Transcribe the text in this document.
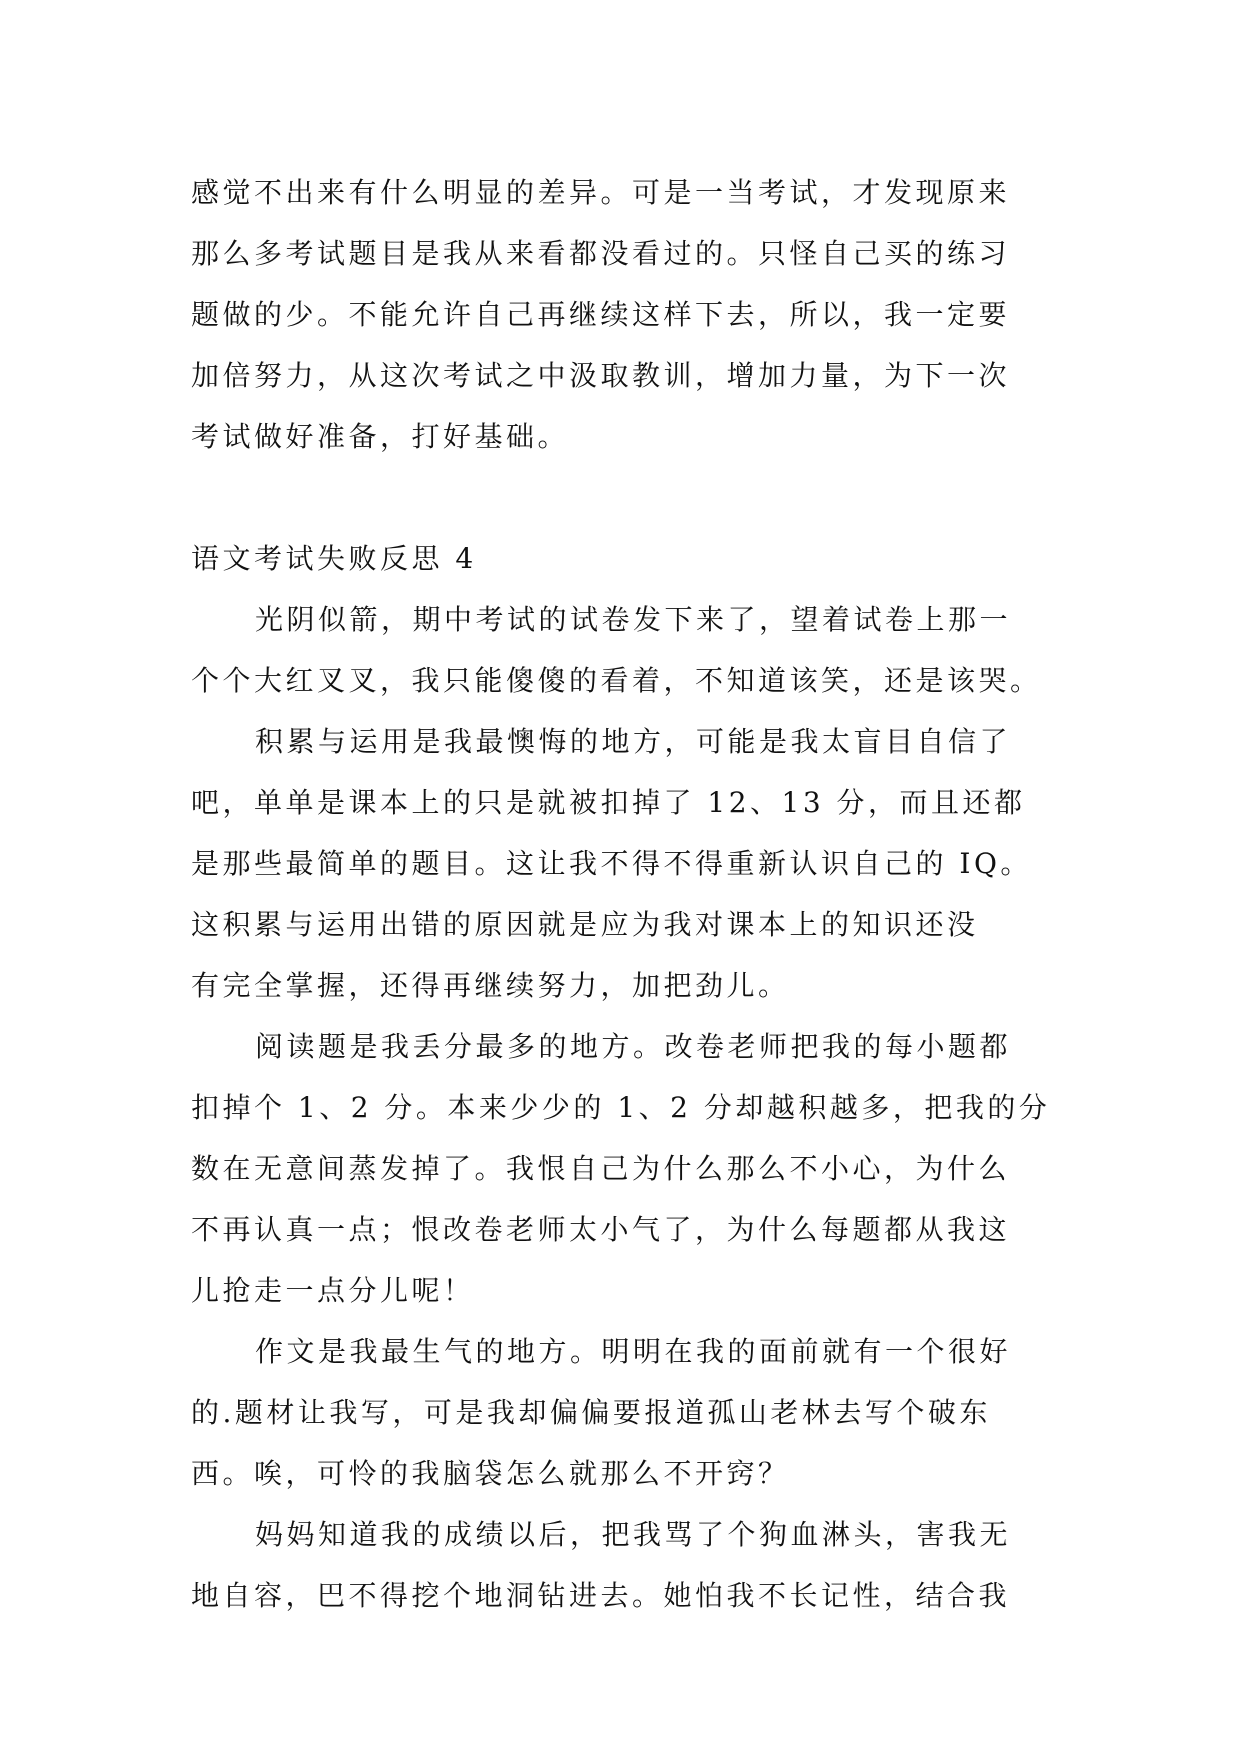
感觉不出来有什么明显的差异。可是一当考试，才发现原来

那么多考试题目是我从来看都没看过的。只怪自己买的练习

题做的少。不能允许自己再继续这样下去，所以，我一定要

加倍努力，从这次考试之中汲取教训，增加力量，为下一次

考试做好准备，打好基础。

语文考试失败反思 4

光阴似箭，期中考试的试卷发下来了，望着试卷上那一

个个大红叉叉，我只能傻傻的看着，不知道该笑，还是该哭。

积累与运用是我最懊悔的地方，可能是我太盲目自信了

吧，单单是课本上的只是就被扣掉了 12、13 分，而且还都

是那些最简单的题目。这让我不得不得重新认识自己的 IQ。

这积累与运用出错的原因就是应为我对课本上的知识还没

有完全掌握，还得再继续努力，加把劲儿。

阅读题是我丢分最多的地方。改卷老师把我的每小题都

扣掉个 1、2 分。本来少少的 1、2 分却越积越多，把我的分

数在无意间蒸发掉了。我恨自己为什么那么不小心，为什么

不再认真一点；恨改卷老师太小气了，为什么每题都从我这

儿抢走一点分儿呢！

作文是我最生气的地方。明明在我的面前就有一个很好

的.题材让我写，可是我却偏偏要报道孤山老林去写个破东

西。唉，可怜的我脑袋怎么就那么不开窍？

妈妈知道我的成绩以后，把我骂了个狗血淋头，害我无

地自容，巴不得挖个地洞钻进去。她怕我不长记性，结合我
